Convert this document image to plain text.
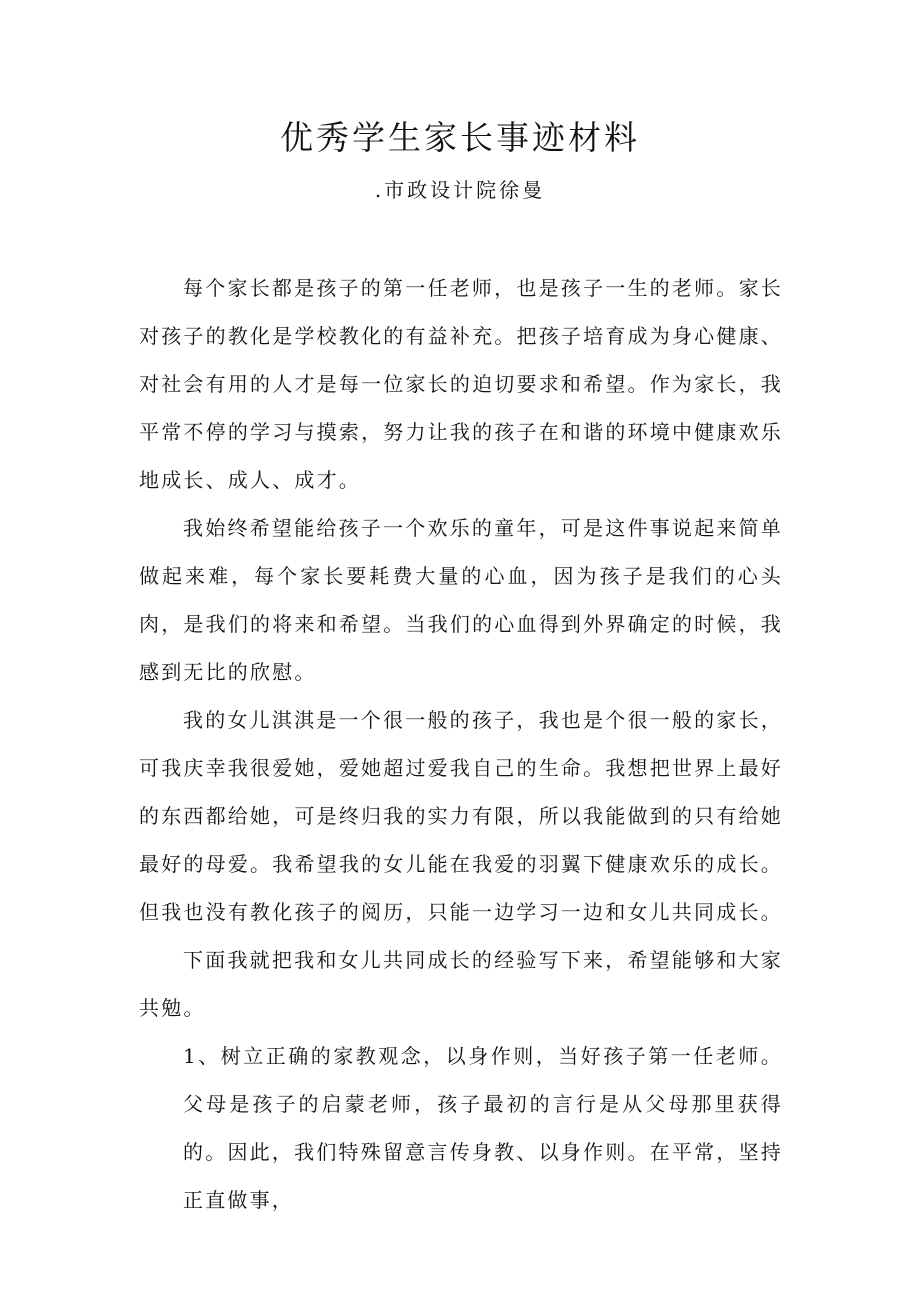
优秀学生家长事迹材料

.市政设计院徐曼

每个家长都是孩子的第一任老师，也是孩子一生的老师。家长对孩子的教化是学校教化的有益补充。把孩子培育成为身心健康、对社会有用的人才是每一位家长的迫切要求和希望。作为家长，我平常不停的学习与摸索，努力让我的孩子在和谐的环境中健康欢乐地成长、成人、成才。

我始终希望能给孩子一个欢乐的童年，可是这件事说起来简单做起来难，每个家长要耗费大量的心血，因为孩子是我们的心头肉，是我们的将来和希望。当我们的心血得到外界确定的时候，我感到无比的欣慰。

我的女儿淇淇是一个很一般的孩子，我也是个很一般的家长，可我庆幸我很爱她，爱她超过爱我自己的生命。我想把世界上最好的东西都给她，可是终归我的实力有限，所以我能做到的只有给她最好的母爱。我希望我的女儿能在我爱的羽翼下健康欢乐的成长。但我也没有教化孩子的阅历，只能一边学习一边和女儿共同成长。

下面我就把我和女儿共同成长的经验写下来，希望能够和大家共勉。

1、树立正确的家教观念，以身作则，当好孩子第一任老师。父母是孩子的启蒙老师，孩子最初的言行是从父母那里获得的。因此，我们特殊留意言传身教、以身作则。在平常，坚持正直做事，
